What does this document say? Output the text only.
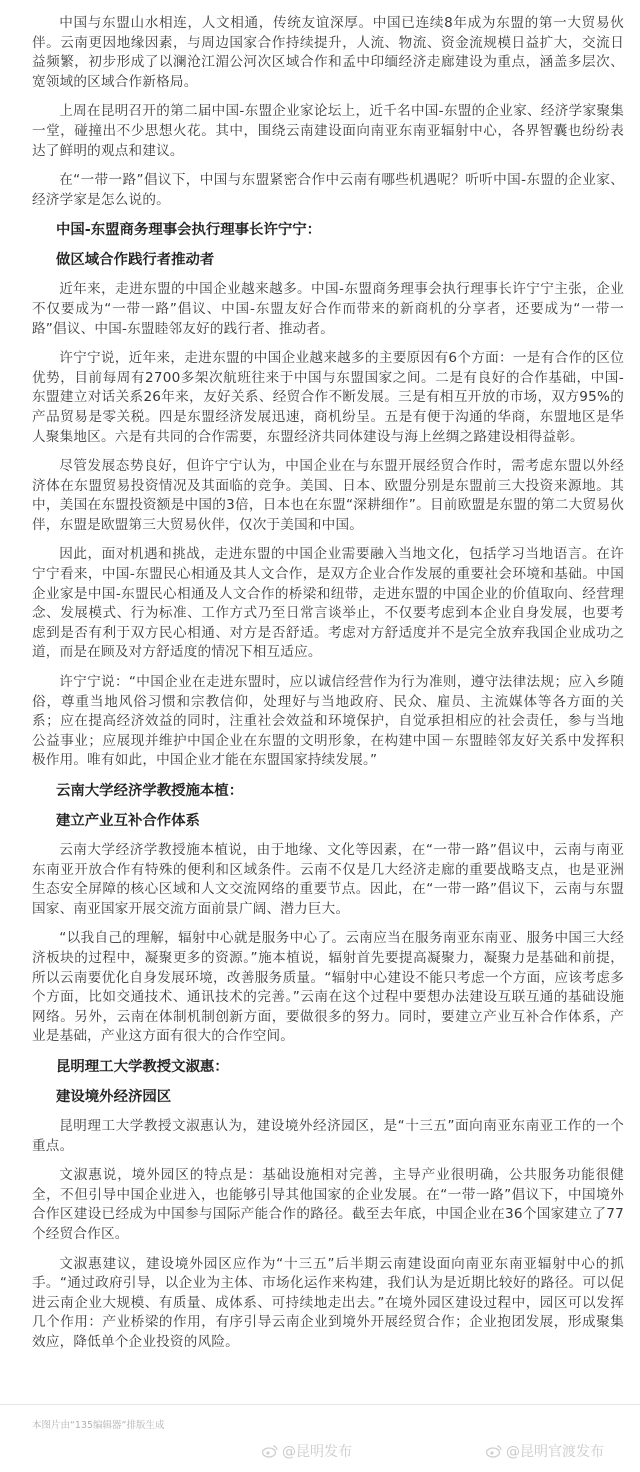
中国与东盟山水相连，人文相通，传统友谊深厚。中国已连续8年成为东盟的第一大贸易伙伴。云南更因地缘因素，与周边国家合作持续提升，人流、物流、资金流规模日益扩大，交流日益频繁，初步形成了以澜沧江湄公河次区域合作和孟中印缅经济走廊建设为重点，涵盖多层次、宽领域的区域合作新格局。

上周在昆明召开的第二届中国-东盟企业家论坛上，近千名中国-东盟的企业家、经济学家聚集一堂，碰撞出不少思想火花。其中，围绕云南建设面向南亚东南亚辐射中心，各界智囊也纷纷表达了鲜明的观点和建议。

在“一带一路”倡议下，中国与东盟紧密合作中云南有哪些机遇呢？听听中国-东盟的企业家、经济学家是怎么说的。

中国-东盟商务理事会执行理事长许宁宁：
做区域合作践行者推动者

近年来，走进东盟的中国企业越来越多。中国-东盟商务理事会执行理事长许宁宁主张，企业不仅要成为“一带一路”倡议、中国-东盟友好合作而带来的新商机的分享者，还要成为“一带一路”倡议、中国-东盟睦邻友好的践行者、推动者。

许宁宁说，近年来，走进东盟的中国企业越来越多的主要原因有6个方面：一是有合作的区位优势，目前每周有2700多架次航班往来于中国与东盟国家之间。二是有良好的合作基础，中国-东盟建立对话关系26年来，友好关系、经贸合作不断发展。三是有相互开放的市场，双方95%的产品贸易是零关税。四是东盟经济发展迅速，商机纷呈。五是有便于沟通的华商，东盟地区是华人聚集地区。六是有共同的合作需要，东盟经济共同体建设与海上丝绸之路建设相得益彰。

尽管发展态势良好，但许宁宁认为，中国企业在与东盟开展经贸合作时，需考虑东盟以外经济体在东盟贸易投资情况及其面临的竞争。美国、日本、欧盟分别是东盟前三大投资来源地。其中，美国在东盟投资额是中国的3倍，日本也在东盟“深耕细作”。目前欧盟是东盟的第二大贸易伙伴，东盟是欧盟第三大贸易伙伴，仅次于美国和中国。

因此，面对机遇和挑战，走进东盟的中国企业需要融入当地文化，包括学习当地语言。在许宁宁看来，中国-东盟民心相通及其人文合作，是双方企业合作发展的重要社会环境和基础。中国企业家是中国-东盟民心相通及人文合作的桥梁和纽带，走进东盟的中国企业的价值取向、经营理念、发展模式、行为标准、工作方式乃至日常言谈举止，不仅要考虑到本企业自身发展，也要考虑到是否有利于双方民心相通、对方是否舒适。考虑对方舒适度并不是完全放弃我国企业成功之道，而是在顾及对方舒适度的情况下相互适应。

许宁宁说：“中国企业在走进东盟时，应以诚信经营作为行为准则，遵守法律法规；应入乡随俗，尊重当地风俗习惯和宗教信仰，处理好与当地政府、民众、雇员、主流媒体等各方面的关系；应在提高经济效益的同时，注重社会效益和环境保护，自觉承担相应的社会责任，参与当地公益事业；应展现并维护中国企业在东盟的文明形象，在构建中国－东盟睦邻友好关系中发挥积极作用。唯有如此，中国企业才能在东盟国家持续发展。”

云南大学经济学教授施本植：
建立产业互补合作体系

云南大学经济学教授施本植说，由于地缘、文化等因素，在“一带一路”倡议中，云南与南亚东南亚开放合作有特殊的便利和区域条件。云南不仅是几大经济走廊的重要战略支点，也是亚洲生态安全屏障的核心区域和人文交流网络的重要节点。因此，在“一带一路”倡议下，云南与东盟国家、南亚国家开展交流方面前景广阔、潜力巨大。

“以我自己的理解，辐射中心就是服务中心了。云南应当在服务南亚东南亚、服务中国三大经济板块的过程中，凝聚更多的资源。”施本植说，辐射首先要提高凝聚力，凝聚力是基础和前提，所以云南要优化自身发展环境，改善服务质量。“辐射中心建设不能只考虑一个方面，应该考虑多个方面，比如交通技术、通讯技术的完善。”云南在这个过程中要想办法建设互联互通的基础设施网络。另外，云南在体制机制创新方面，要做很多的努力。同时，要建立产业互补合作体系，产业是基础，产业这方面有很大的合作空间。

昆明理工大学教授文淑惠：
建设境外经济园区

昆明理工大学教授文淑惠认为，建设境外经济园区，是“十三五”面向南亚东南亚工作的一个重点。

文淑惠说，境外园区的特点是：基础设施相对完善，主导产业很明确，公共服务功能很健全，不但引导中国企业进入，也能够引导其他国家的企业发展。在“一带一路”倡议下，中国境外合作区建设已经成为中国参与国际产能合作的路径。截至去年底，中国企业在36个国家建立了77个经贸合作区。

文淑惠建议，建设境外园区应作为“十三五”后半期云南建设面向南亚东南亚辐射中心的抓手。“通过政府引导，以企业为主体、市场化运作来构建，我们认为是近期比较好的路径。可以促进云南企业大规模、有质量、成体系、可持续地走出去。”在境外园区建设过程中，园区可以发挥几个作用：产业桥梁的作用，有序引导云南企业到境外开展经贸合作；企业抱团发展，形成聚集效应，降低单个企业投资的风险。

本图片由“135编辑器”排版生成
@昆明发布	@昆明官渡发布
